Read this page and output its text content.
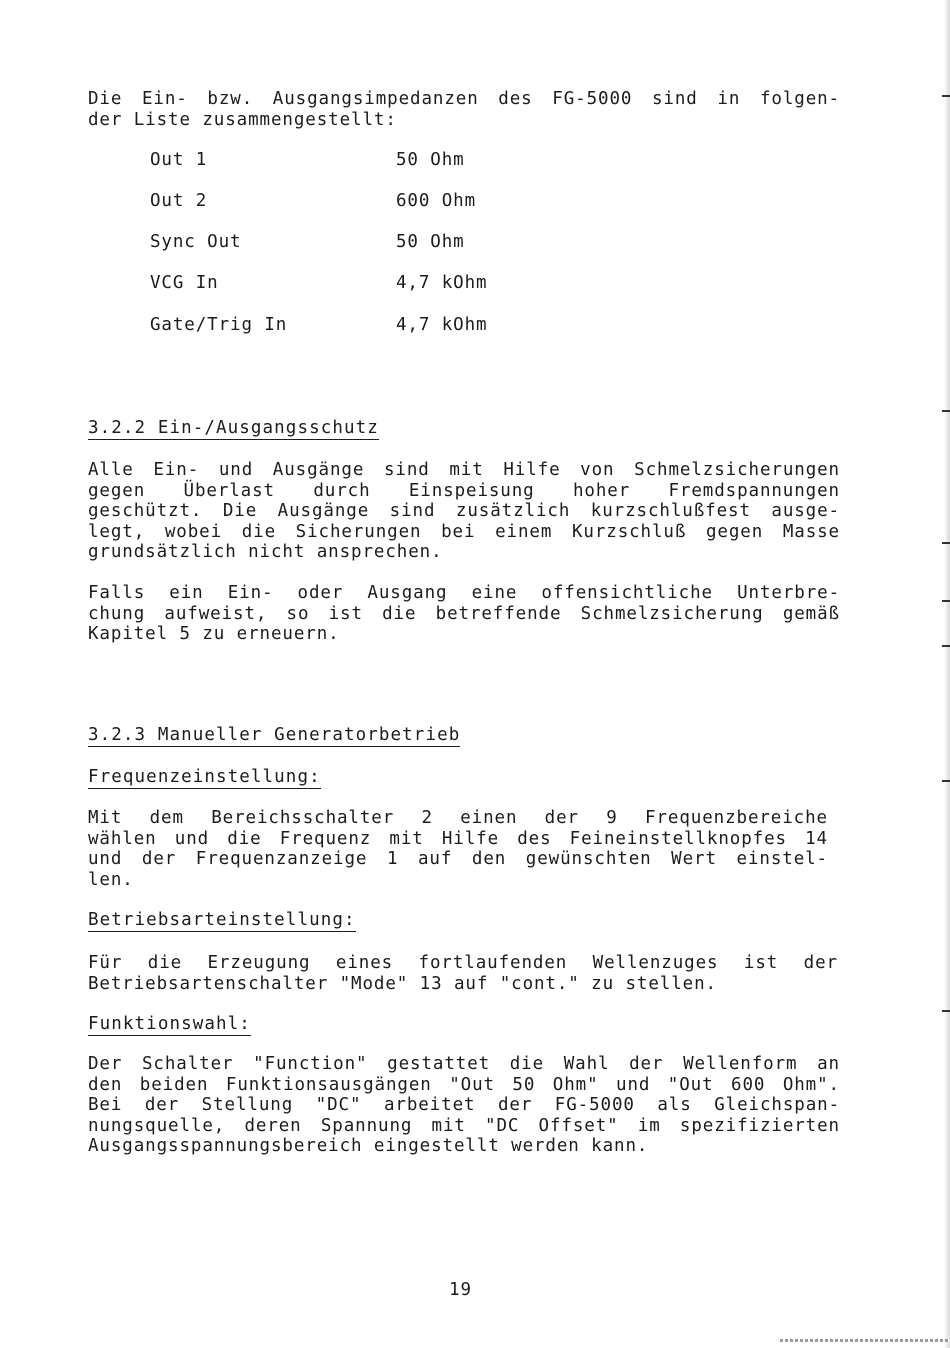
Die Ein- bzw. Ausgangsimpedanzen des FG-5000 sind in folgen-
der Liste zusammengestellt:
Out 1	50 Ohm
Out 2	600 Ohm
Sync Out	50 Ohm
VCG In	4,7 kOhm
Gate/Trig In	4,7 kOhm
3.2.2 Ein-/Ausgangsschutz
Alle Ein- und Ausgänge sind mit Hilfe von Schmelzsicherungen
gegen Überlast durch Einspeisung hoher Fremdspannungen
geschützt. Die Ausgänge sind zusätzlich kurzschlußfest ausge-
legt, wobei die Sicherungen bei einem Kurzschluß gegen Masse
grundsätzlich nicht ansprechen.
Falls ein Ein- oder Ausgang eine offensichtliche Unterbre-
chung aufweist, so ist die betreffende Schmelzsicherung gemäß
Kapitel 5 zu erneuern.
3.2.3 Manueller Generatorbetrieb
Frequenzeinstellung:
Mit dem Bereichsschalter 2 einen der 9 Frequenzbereiche
wählen und die Frequenz mit Hilfe des Feineinstellknopfes 14
und der Frequenzanzeige 1 auf den gewünschten Wert einstel-
len.
Betriebsarteinstellung:
Für die Erzeugung eines fortlaufenden Wellenzuges ist der
Betriebsartenschalter "Mode" 13 auf "cont." zu stellen.
Funktionswahl:
Der Schalter "Function" gestattet die Wahl der Wellenform an
den beiden Funktionsausgängen "Out 50 Ohm" und "Out 600 Ohm".
Bei der Stellung "DC" arbeitet der FG-5000 als Gleichspan-
nungsquelle, deren Spannung mit "DC Offset" im spezifizierten
Ausgangsspannungsbereich eingestellt werden kann.
19
